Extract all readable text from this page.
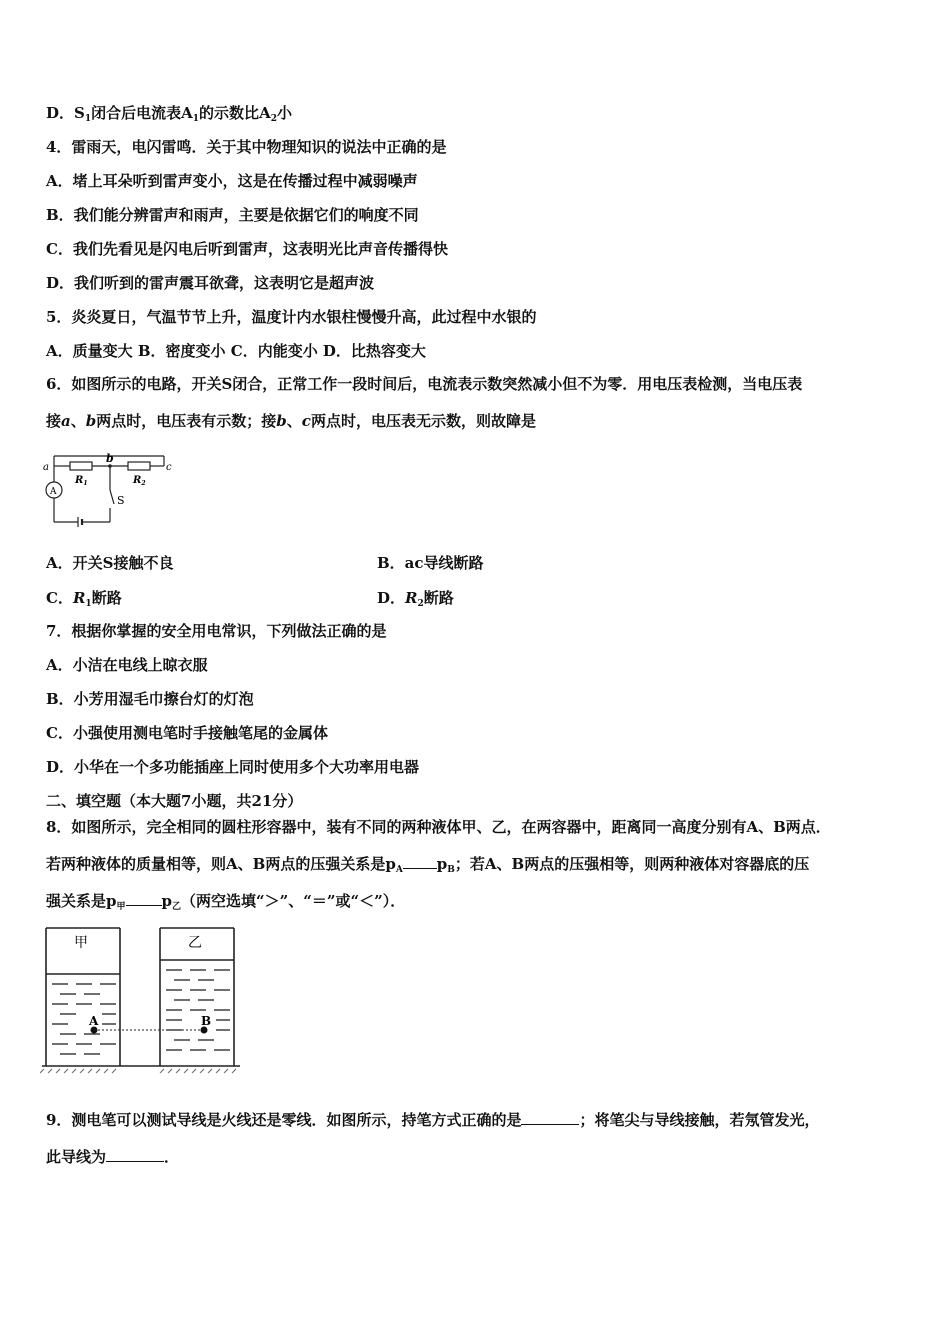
D．$S_1$闭合后电流表$A_1$的示数比$A_2$小
4．雷雨天，电闪雷鸣．关于其中物理知识的说法中正确的是
A．堵上耳朵听到雷声变小，这是在传播过程中减弱噪声
B．我们能分辨雷声和雨声，主要是依据它们的响度不同
C．我们先看见是闪电后听到雷声，这表明光比声音传播得快
D．我们听到的雷声震耳欲聋，这表明它是超声波
5．炎炎夏日，气温节节上升，温度计内水银柱慢慢升高，此过程中水银的
A．质量变大 B．密度变小 C．内能变小 D．比热容变大
6．如图所示的电路，开关S闭合，正常工作一段时间后，电流表示数突然减小但不为零．用电压表检测，当电压表
接a、b两点时，电压表有示数；接b、c两点时，电压表无示数，则故障是
a
b
c
$R_1$	$R_2$
S
A
A．开关S接触不良	B．ac导线断路
C．$R_1$断路	D．$R_2$断路
7．根据你掌握的安全用电常识，下列做法正确的是
A．小洁在电线上晾衣服
B．小芳用湿毛巾擦台灯的灯泡
C．小强使用测电笔时手接触笔尾的金属体
D．小华在一个多功能插座上同时使用多个大功率用电器
二、填空题（本大题7小题，共21分）
8．如图所示，完全相同的圆柱形容器中，装有不同的两种液体甲、乙，在两容器中，距离同一高度分别有A、B两点．
若两种液体的质量相等，则A、B两点的压强关系是$p_A$ $p_B$；若A、B两点的压强相等，则两种液体对容器底的压
强关系是$p_甲$ $p_乙$（两空选填“＞”、“＝”或“＜”）．
A	B
甲	乙
9．测电笔可以测试导线是火线还是零线．如图所示，持笔方式正确的是	；将笔尖与导线接触，若氖管发光，
此导线为	．
